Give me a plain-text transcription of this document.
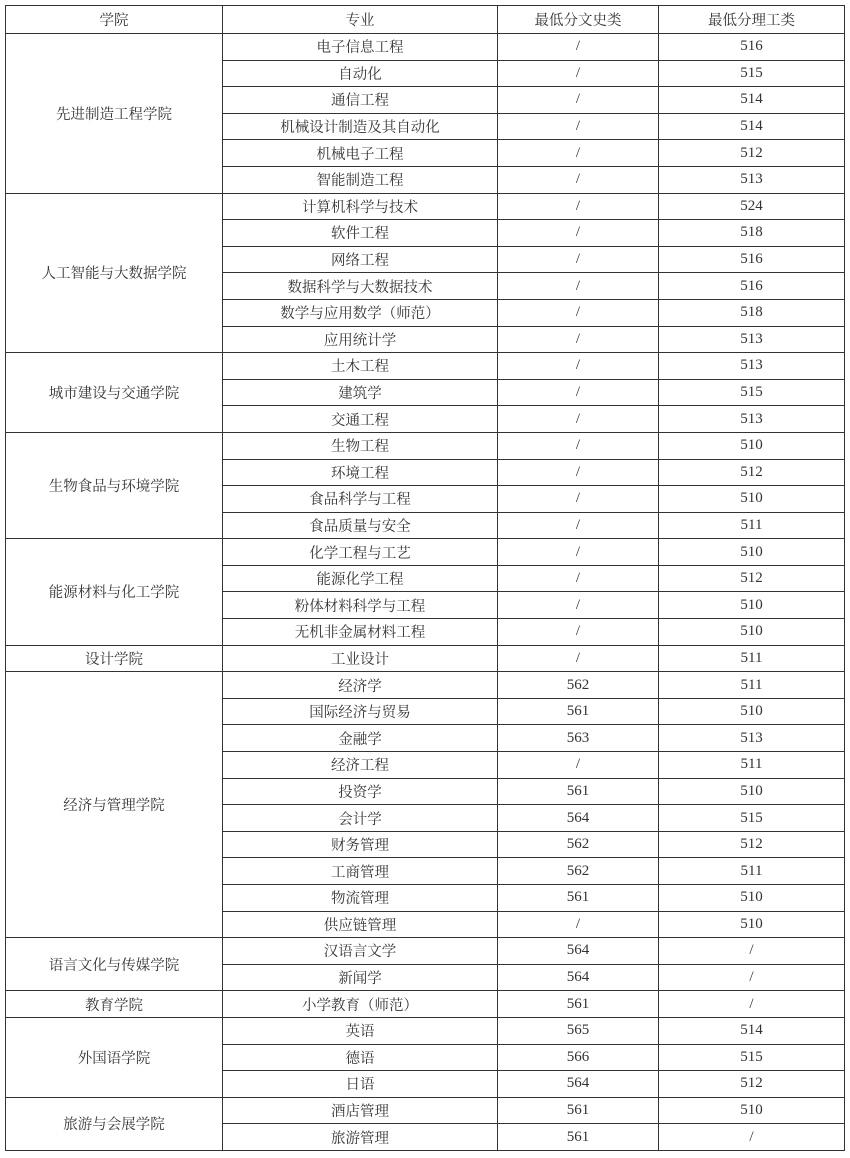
学院	专业	最低分文史类	最低分理工类
先进制造工程学院	电子信息工程	/	516
	自动化	/	515
	通信工程	/	514
	机械设计制造及其自动化	/	514
	机械电子工程	/	512
	智能制造工程	/	513
人工智能与大数据学院	计算机科学与技术	/	524
	软件工程	/	518
	网络工程	/	516
	数据科学与大数据技术	/	516
	数学与应用数学（师范）	/	518
	应用统计学	/	513
城市建设与交通学院	土木工程	/	513
	建筑学	/	515
	交通工程	/	513
生物食品与环境学院	生物工程	/	510
	环境工程	/	512
	食品科学与工程	/	510
	食品质量与安全	/	511
能源材料与化工学院	化学工程与工艺	/	510
	能源化学工程	/	512
	粉体材料科学与工程	/	510
	无机非金属材料工程	/	510
设计学院	工业设计	/	511
经济与管理学院	经济学	562	511
	国际经济与贸易	561	510
	金融学	563	513
	经济工程	/	511
	投资学	561	510
	会计学	564	515
	财务管理	562	512
	工商管理	562	511
	物流管理	561	510
	供应链管理	/	510
语言文化与传媒学院	汉语言文学	564	/
	新闻学	564	/
教育学院	小学教育（师范）	561	/
外国语学院	英语	565	514
	德语	566	515
	日语	564	512
旅游与会展学院	酒店管理	561	510
	旅游管理	561	/
